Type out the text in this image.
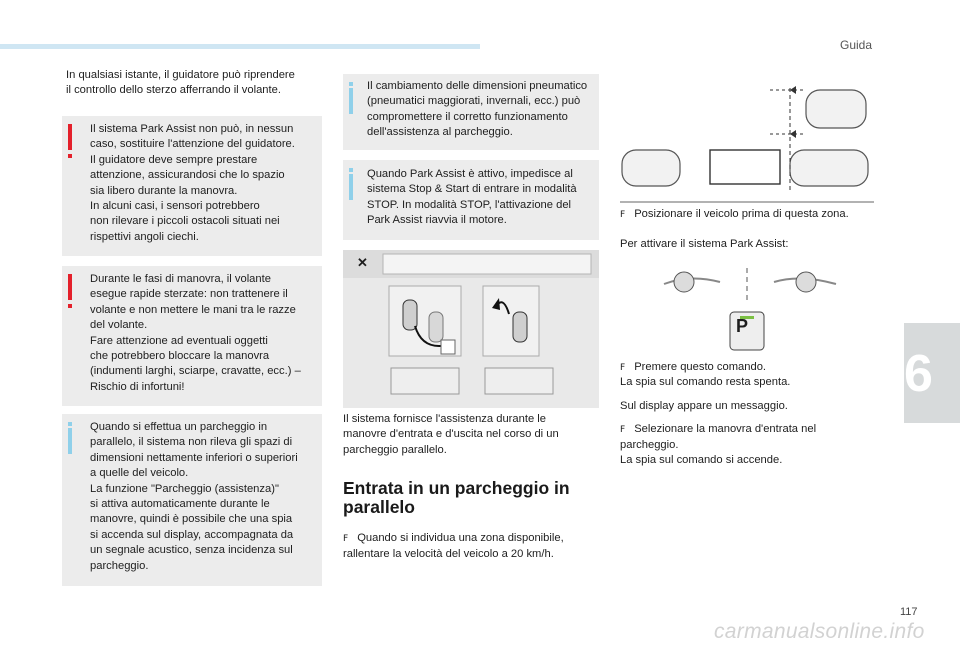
Guida
6

In qualsiasi istante, il guidatore può riprendere
il controllo dello sterzo afferrando il volante.

Il sistema Park Assist non può, in nessun
caso, sostituire l'attenzione del guidatore.
Il guidatore deve sempre prestare
attenzione, assicurandosi che lo spazio
sia libero durante la manovra.
In alcuni casi, i sensori potrebbero
non rilevare i piccoli ostacoli situati nei
rispettivi angoli ciechi.

Durante le fasi di manovra, il volante
esegue rapide sterzate: non trattenere il
volante e non mettere le mani tra le razze
del volante.
Fare attenzione ad eventuali oggetti
che potrebbero bloccare la manovra
(indumenti larghi, sciarpe, cravatte, ecc.) –
Rischio di infortuni!

Quando si effettua un parcheggio in
parallelo, il sistema non rileva gli spazi di
dimensioni nettamente inferiori o superiori
a quelle del veicolo.
La funzione "Parcheggio (assistenza)"
si attiva automaticamente durante le
manovre, quindi è possibile che una spia
si accenda sul display, accompagnata da
un segnale acustico, senza incidenza sul
parcheggio.

Il cambiamento delle dimensioni pneumatico
(pneumatici maggiorati, invernali, ecc.) può
compromettere il corretto funzionamento
dell'assistenza al parcheggio.

Quando Park Assist è attivo, impedisce al
sistema Stop & Start di entrare in modalità
STOP. In modalità STOP, l'attivazione del
Park Assist riavvia il motore.

✕

Il sistema fornisce l'assistenza durante le
manovre d'entrata e d'uscita nel corso di un
parcheggio parallelo.

Entrata in un parcheggio in
parallelo

F Quando si individua una zona disponibile,
rallentare la velocità del veicolo a 20 km/h.

F Posizionare il veicolo prima di questa zona.

Per attivare il sistema Park Assist:

P

F Premere questo comando.

La spia sul comando resta spenta.

Sul display appare un messaggio.

F Selezionare la manovra d'entrata nel
parcheggio.

La spia sul comando si accende.

117
carmanualsonline.info
